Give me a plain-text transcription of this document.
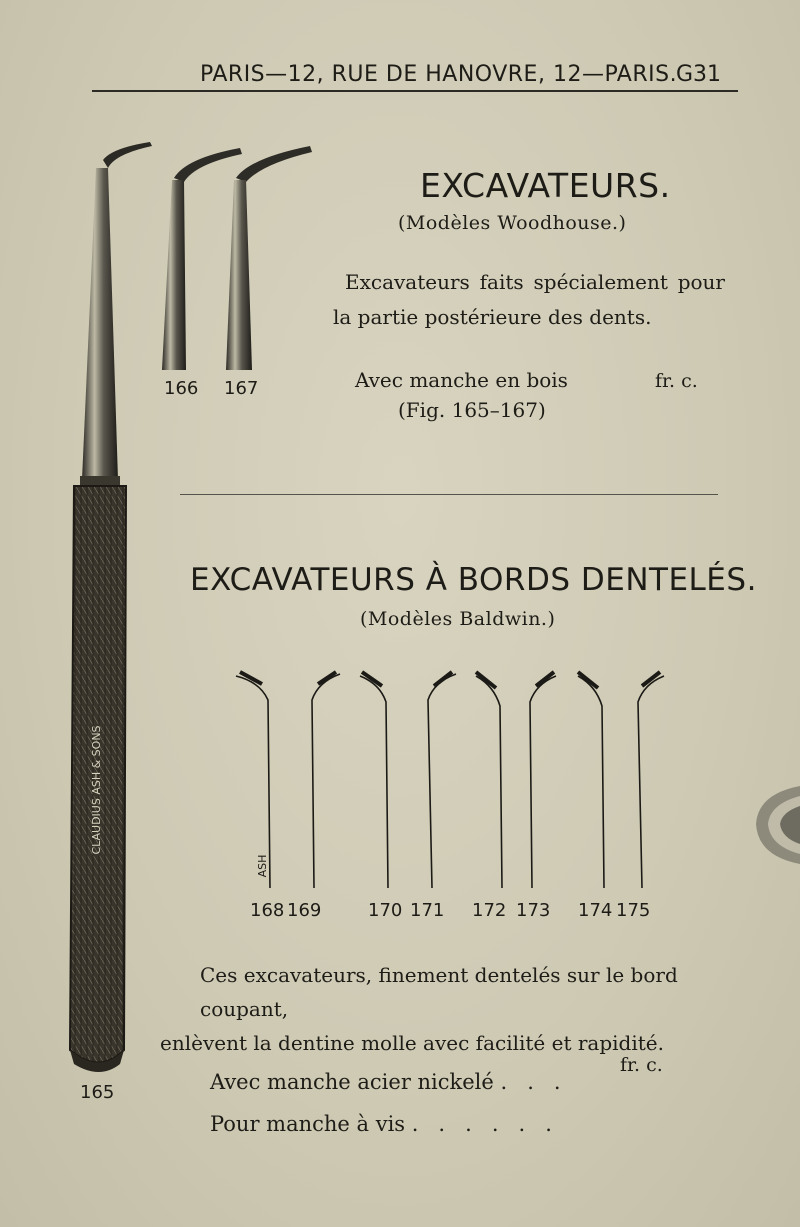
PARIS—12, RUE DE HANOVRE, 12—PARIS.
G31
CLAUDIUS ASH & SONS
ASH
166 167
EXCAVATEURS.
(Modèles Woodhouse.)
Excavateurs faits spécialement pour
la partie postérieure des dents.
Avec manche en bois	fr. c.
(Fig. 165–167)
EXCAVATEURS À BORDS DENTELÉS.
(Modèles Baldwin.)
168 169	170 171 172 173 174 175
Ces excavateurs, finement dentelés sur le bord coupant,
enlèvent la dentine molle avec facilité et rapidité.
fr. c.
Avec manche acier nickelé .   .   .
Pour manche à vis .   .   .   .   .   .
165
